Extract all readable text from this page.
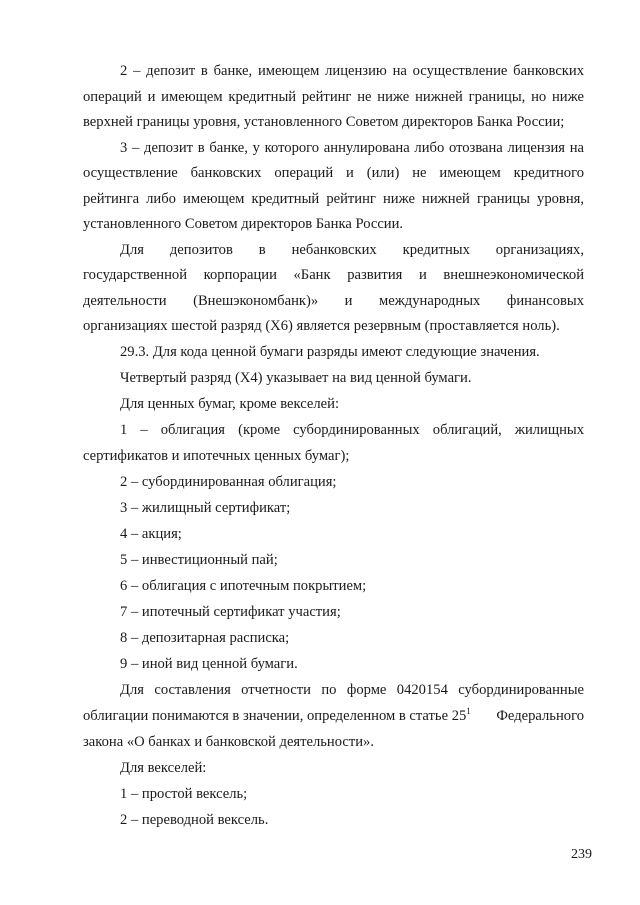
2 – депозит в банке, имеющем лицензию на осуществление банковских
операций и имеющем кредитный рейтинг не ниже нижней границы, но ниже
верхней границы уровня, установленного Советом директоров Банка России;
3 – депозит в банке, у которого аннулирована либо отозвана лицензия на
осуществление банковских операций и (или) не имеющем кредитного
рейтинга либо имеющем кредитный рейтинг ниже нижней границы уровня,
установленного Советом директоров Банка России.
Для депозитов в небанковских кредитных организациях,
государственной корпорации «Банк развития и внешнеэкономической
деятельности (Внешэкономбанк)» и международных финансовых
организациях шестой разряд (Х6) является резервным (проставляется ноль).
29.3. Для кода ценной бумаги разряды имеют следующие значения.
Четвертый разряд (Х4) указывает на вид ценной бумаги.
Для ценных бумаг, кроме векселей:
1 – облигация (кроме субординированных облигаций, жилищных
сертификатов и ипотечных ценных бумаг);
2 – субординированная облигация;
3 – жилищный сертификат;
4 – акция;
5 – инвестиционный пай;
6 – облигация с ипотечным покрытием;
7 – ипотечный сертификат участия;
8 – депозитарная расписка;
9 – иной вид ценной бумаги.
Для составления отчетности по форме 0420154 субординированные
облигации понимаются в значении, определенном в статье $25^1$ Федерального
закона «О банках и банковской деятельности».
Для векселей:
1 – простой вексель;
2 – переводной вексель.
239
